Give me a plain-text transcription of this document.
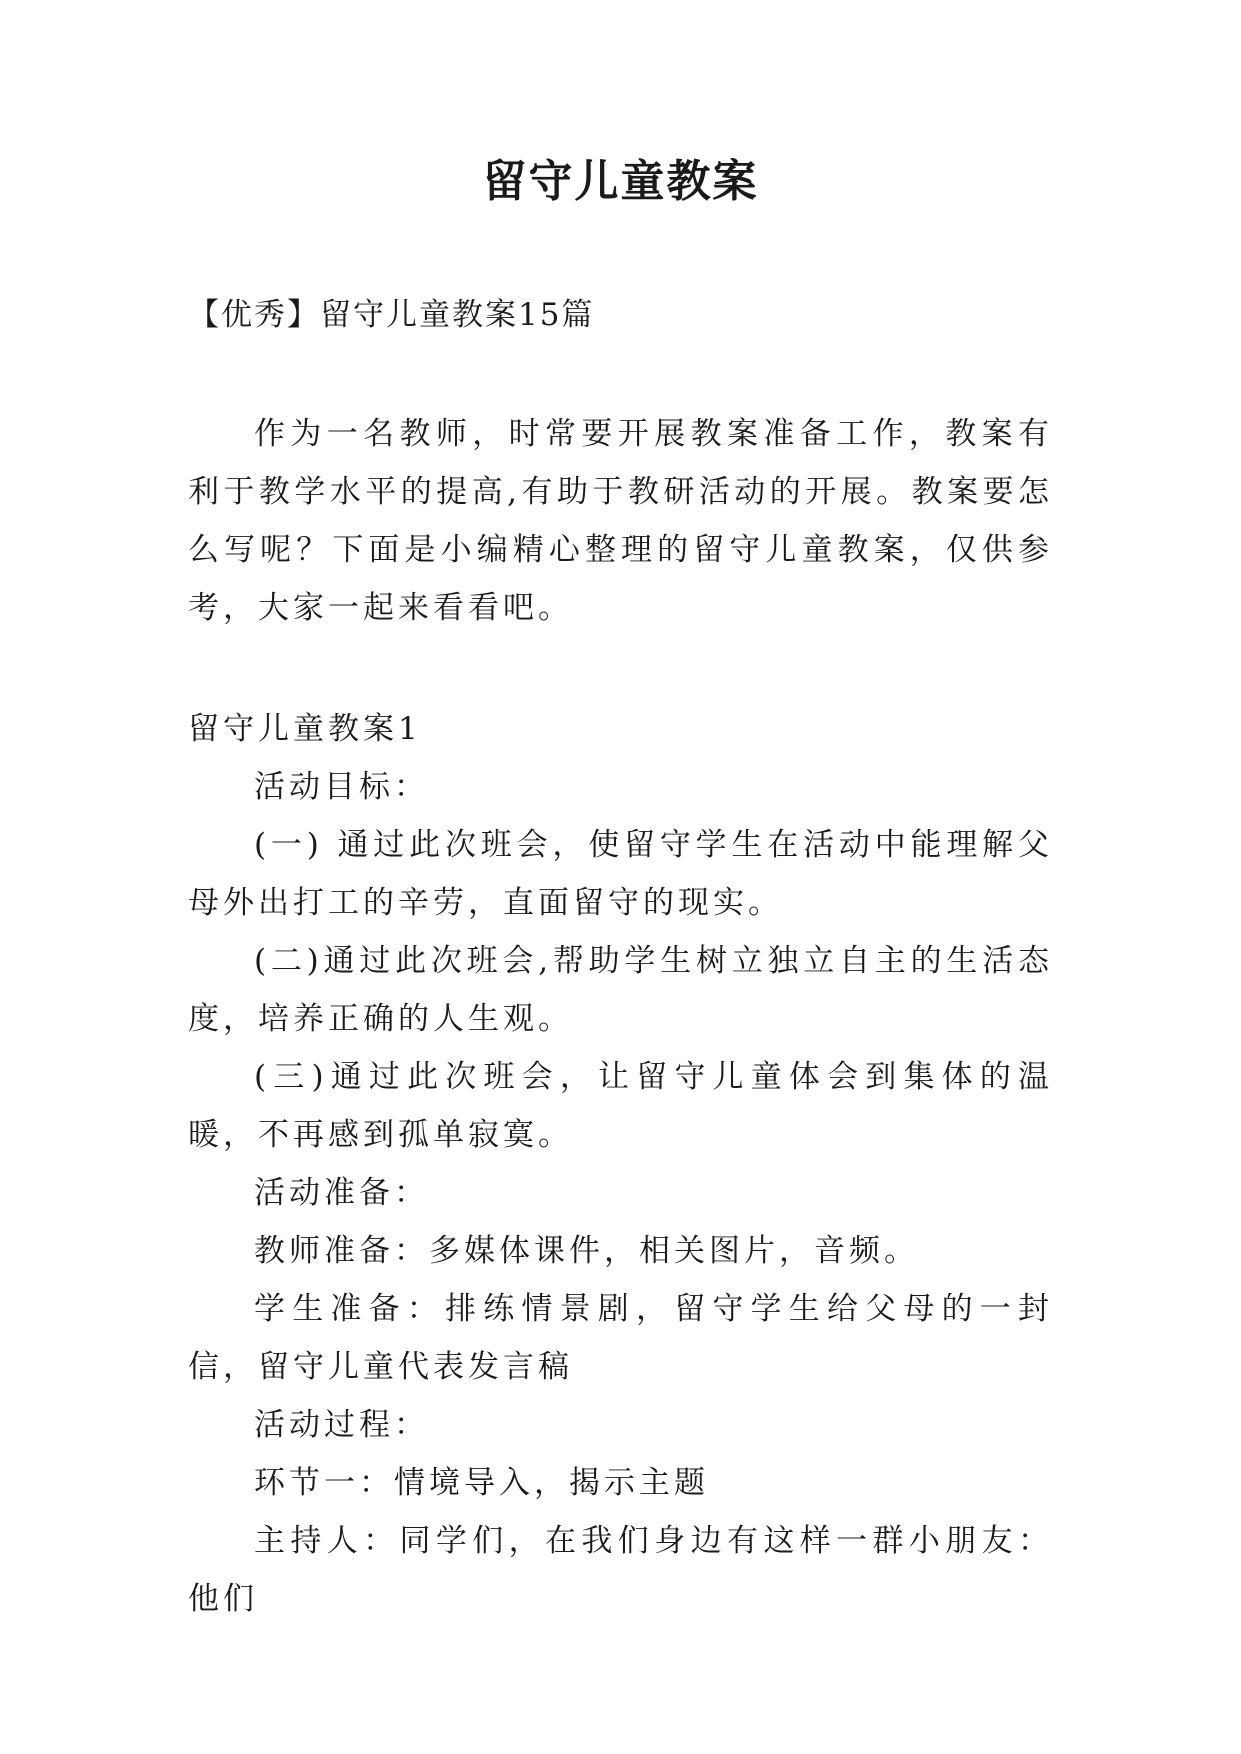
留守儿童教案
【优秀】留守儿童教案15篇

作为一名教师，时常要开展教案准备工作，教案有利于教学水平的提高,有助于教研活动的开展。教案要怎么写呢？下面是小编精心整理的留守儿童教案，仅供参考，大家一起来看看吧。

留守儿童教案1
活动目标：
(一) 通过此次班会，使留守学生在活动中能理解父母外出打工的辛劳，直面留守的现实。
(二)通过此次班会,帮助学生树立独立自主的生活态度，培养正确的人生观。
(三)通过此次班会，让留守儿童体会到集体的温暖，不再感到孤单寂寞。
活动准备：
教师准备：多媒体课件，相关图片，音频。
学生准备：排练情景剧，留守学生给父母的一封信，留守儿童代表发言稿
活动过程：
环节一：情境导入，揭示主题
主持人：同学们，在我们身边有这样一群小朋友：他们
